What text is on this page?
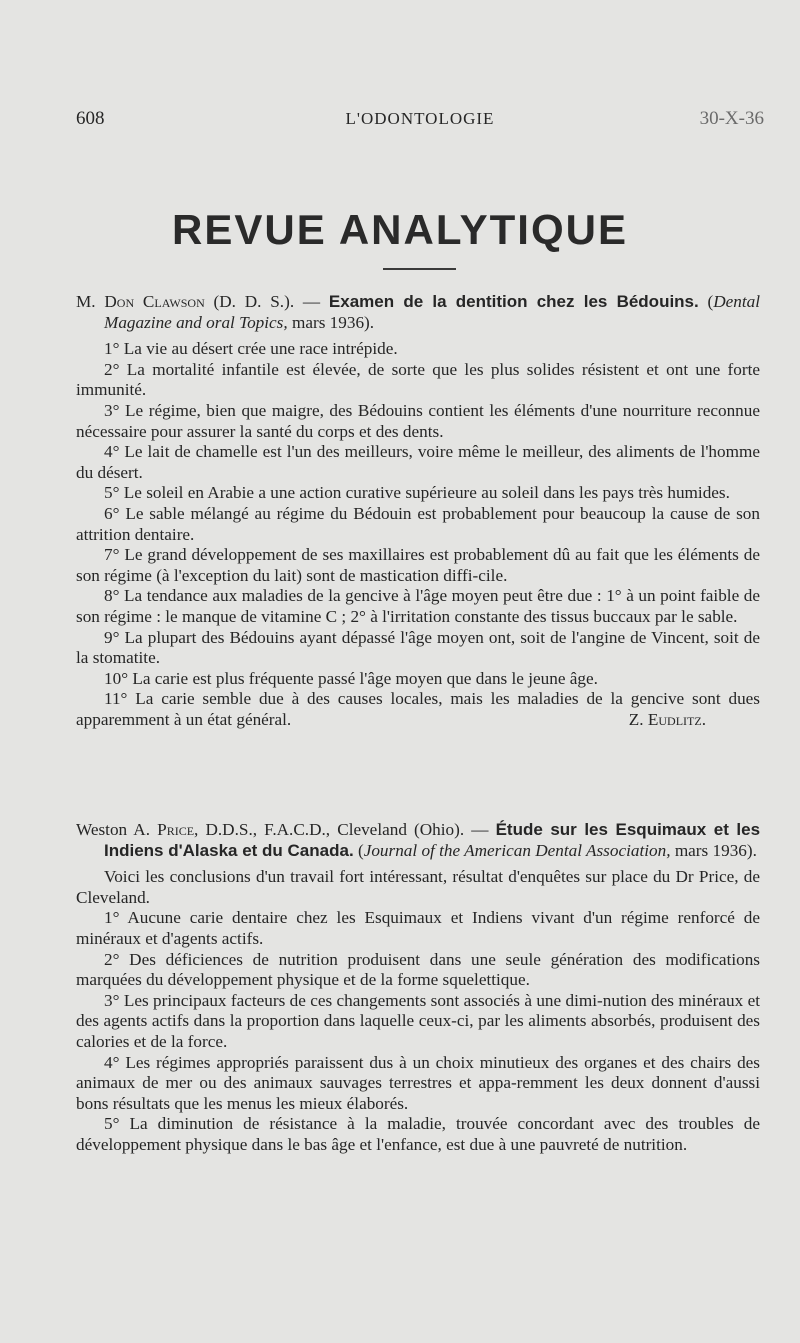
608	L'ODONTOLOGIE	30-X-36
REVUE ANALYTIQUE

M. Don Clawson (D. D. S.). — Examen de la dentition chez les Bédouins. (Dental Magazine and oral Topics, mars 1936).

1° La vie au désert crée une race intrépide.

2° La mortalité infantile est élevée, de sorte que les plus solides résistent et ont une forte immunité.

3° Le régime, bien que maigre, des Bédouins contient les éléments d'une nourriture reconnue nécessaire pour assurer la santé du corps et des dents.

4° Le lait de chamelle est l'un des meilleurs, voire même le meilleur, des aliments de l'homme du désert.

5° Le soleil en Arabie a une action curative supérieure au soleil dans les pays très humides.

6° Le sable mélangé au régime du Bédouin est probablement pour beaucoup la cause de son attrition dentaire.

7° Le grand développement de ses maxillaires est probablement dû au fait que les éléments de son régime (à l'exception du lait) sont de mastication diffi-cile.

8° La tendance aux maladies de la gencive à l'âge moyen peut être due : 1° à un point faible de son régime : le manque de vitamine C ; 2° à l'irritation constante des tissus buccaux par le sable.

9° La plupart des Bédouins ayant dépassé l'âge moyen ont, soit de l'angine de Vincent, soit de la stomatite.

10° La carie est plus fréquente passé l'âge moyen que dans le jeune âge.

11° La carie semble due à des causes locales, mais les maladies de la gencive sont dues apparemment à un état général.	Z. Eudlitz.

Weston A. Price, D.D.S., F.A.C.D., Cleveland (Ohio). — Étude sur les Esquimaux et les Indiens d'Alaska et du Canada. (Journal of the American Dental Association, mars 1936).

Voici les conclusions d'un travail fort intéressant, résultat d'enquêtes sur place du Dr Price, de Cleveland.

1° Aucune carie dentaire chez les Esquimaux et Indiens vivant d'un régime renforcé de minéraux et d'agents actifs.

2° Des déficiences de nutrition produisent dans une seule génération des modifications marquées du développement physique et de la forme squelettique.

3° Les principaux facteurs de ces changements sont associés à une dimi-nution des minéraux et des agents actifs dans la proportion dans laquelle ceux-ci, par les aliments absorbés, produisent des calories et de la force.

4° Les régimes appropriés paraissent dus à un choix minutieux des organes et des chairs des animaux de mer ou des animaux sauvages terrestres et appa-remment les deux donnent d'aussi bons résultats que les menus les mieux élaborés.

5° La diminution de résistance à la maladie, trouvée concordant avec des troubles de développement physique dans le bas âge et l'enfance, est due à une pauvreté de nutrition.
